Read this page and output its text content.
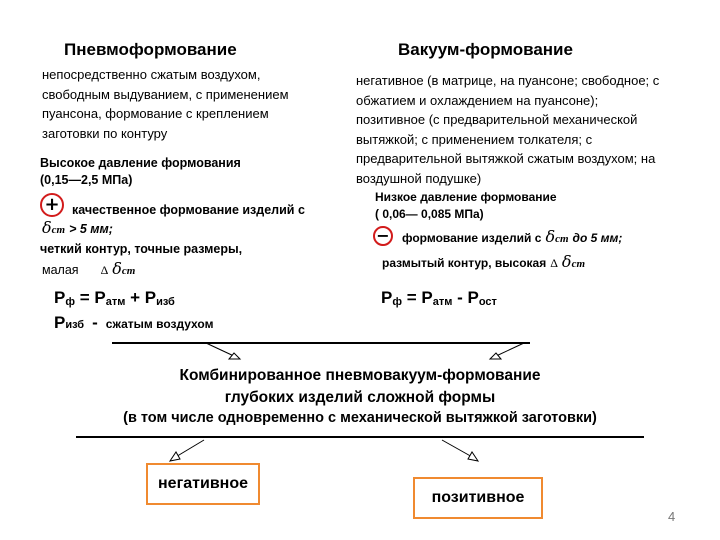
Пневмоформование
непосредственно сжатым воздухом,
свободным выдуванием, с применением
пуансона, формование с креплением
заготовки по контуру
Высокое давление формования
(0,15—2,5 МПа)
+ качественное формование изделий с
δст > 5 мм;
четкий контур, точные размеры,
малая Δ δст
$P_ф = P_{атм} + P_{изб}$
Pизб - сжатым воздухом
Вакуум-формование
негативное (в матрице, на пуансоне; свободное; с
обжатием и охлаждением на пуансоне);
позитивное (с предварительной механической
вытяжкой; с применением толкателя; с
предварительной вытяжкой сжатым воздухом; на
воздушной подушке)
Низкое давление формование
( 0,06— 0,085 МПа)
− формование изделий с δст до 5 мм;
размытый контур, высокая Δ δст
$P_ф = P_{атм} - P_{ост}$
Комбинированное пневмовакуум-формование
глубоких изделий сложной формы
(в том числе одновременно с механической вытяжкой заготовки)
негативное
позитивное
4
